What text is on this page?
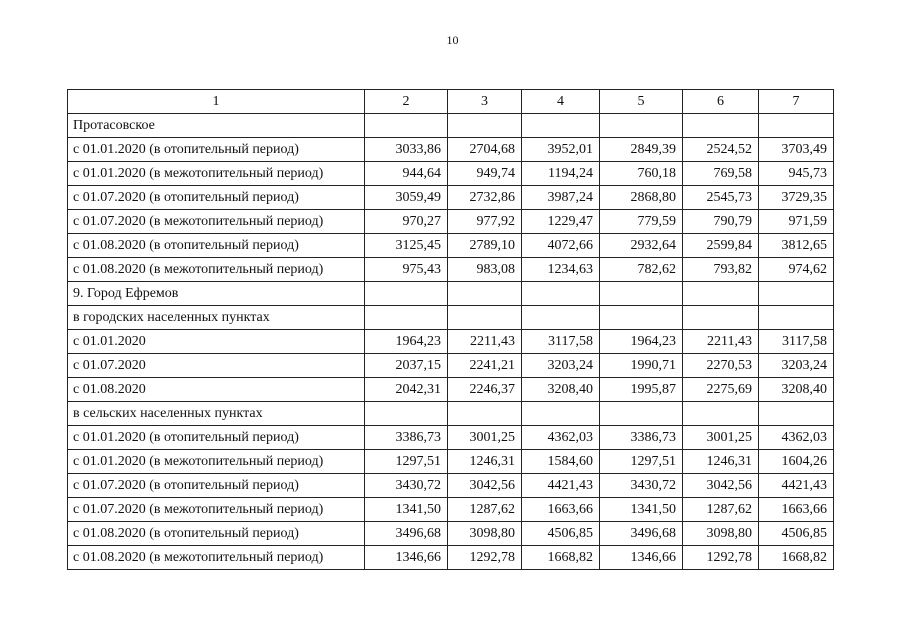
10
1	2	3	4	5	6	7
Протасовское						
с 01.01.2020 (в отопительный период)	3033,86	2704,68	3952,01	2849,39	2524,52	3703,49
с 01.01.2020 (в межотопительный период)	944,64	949,74	1194,24	760,18	769,58	945,73
с 01.07.2020 (в отопительный период)	3059,49	2732,86	3987,24	2868,80	2545,73	3729,35
с 01.07.2020 (в межотопительный период)	970,27	977,92	1229,47	779,59	790,79	971,59
с 01.08.2020 (в отопительный период)	3125,45	2789,10	4072,66	2932,64	2599,84	3812,65
с 01.08.2020 (в межотопительный период)	975,43	983,08	1234,63	782,62	793,82	974,62
9. Город Ефремов						
в городских населенных пунктах						
с 01.01.2020	1964,23	2211,43	3117,58	1964,23	2211,43	3117,58
с 01.07.2020	2037,15	2241,21	3203,24	1990,71	2270,53	3203,24
с 01.08.2020	2042,31	2246,37	3208,40	1995,87	2275,69	3208,40
в сельских населенных пунктах						
с 01.01.2020 (в отопительный период)	3386,73	3001,25	4362,03	3386,73	3001,25	4362,03
с 01.01.2020 (в межотопительный период)	1297,51	1246,31	1584,60	1297,51	1246,31	1604,26
с 01.07.2020 (в отопительный период)	3430,72	3042,56	4421,43	3430,72	3042,56	4421,43
с 01.07.2020 (в межотопительный период)	1341,50	1287,62	1663,66	1341,50	1287,62	1663,66
с 01.08.2020 (в отопительный период)	3496,68	3098,80	4506,85	3496,68	3098,80	4506,85
с 01.08.2020 (в межотопительный период)	1346,66	1292,78	1668,82	1346,66	1292,78	1668,82
